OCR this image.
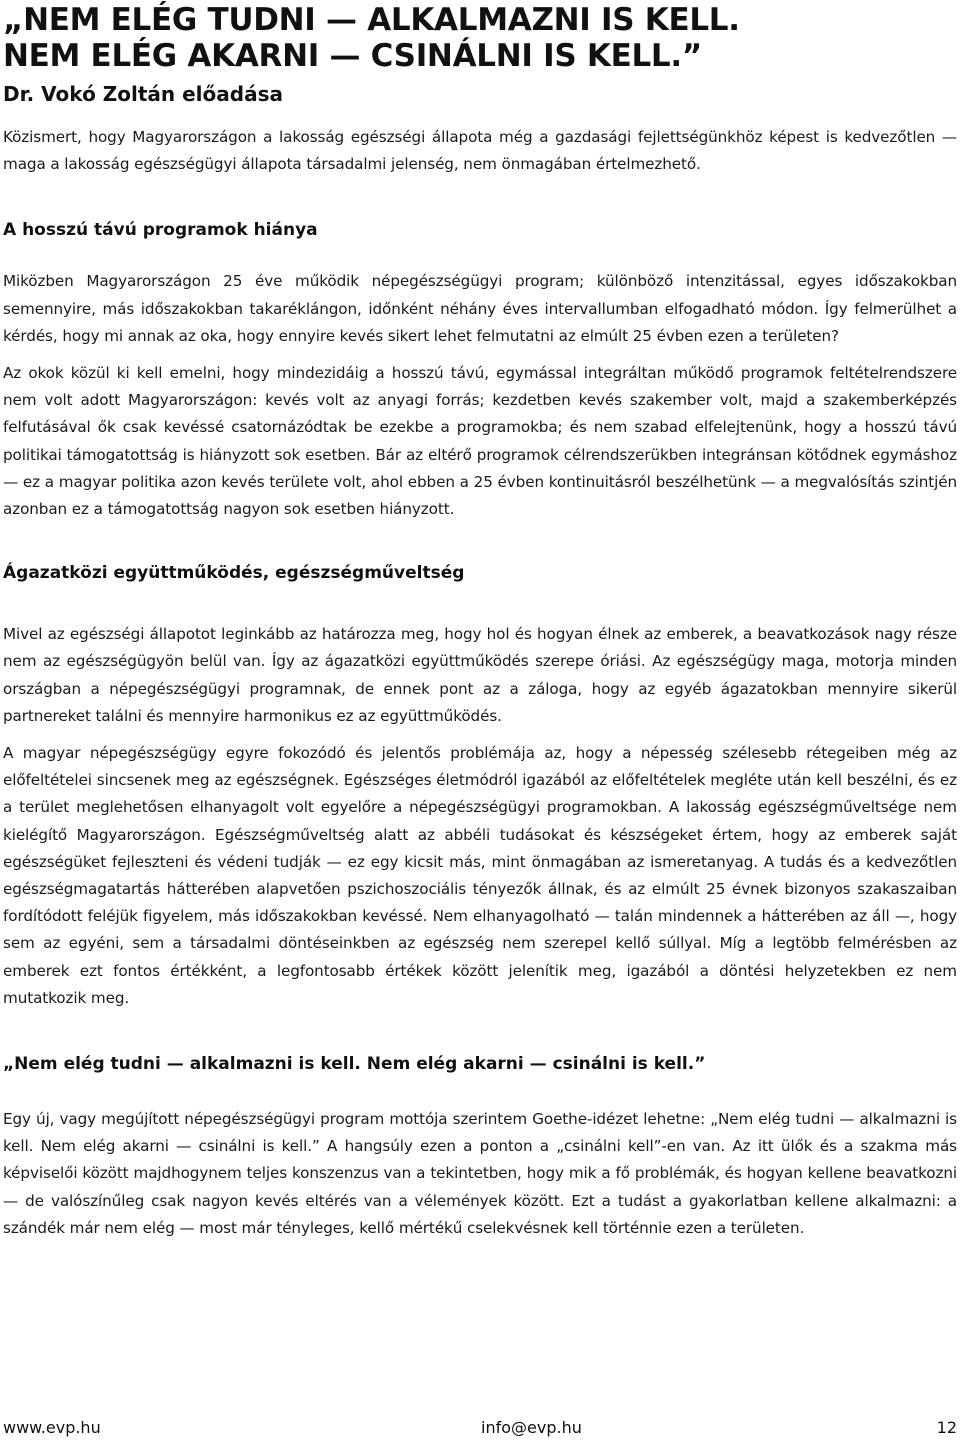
„NEM ELÉG TUDNI — ALKALMAZNI IS KELL.
NEM ELÉG AKARNI — CSINÁLNI IS KELL.”
Dr. Vokó Zoltán előadása

Közismert, hogy Magyarországon a lakosság egészségi állapota még a gazdasági fejlettségünkhöz képest is kedvezőtlen — maga a lakosság egészségügyi állapota társadalmi jelenség, nem önmagában értelmezhető.

A hosszú távú programok hiánya

Miközben Magyarországon 25 éve működik népegészségügyi program; különböző intenzitással, egyes időszakokban semennyire, más időszakokban takaréklángon, időnként néhány éves intervallumban elfogadható módon. Így felmerülhet a kérdés, hogy mi annak az oka, hogy ennyire kevés sikert lehet felmutatni az elmúlt 25 évben ezen a területen?

Az okok közül ki kell emelni, hogy mindezidáig a hosszú távú, egymással integráltan működő programok feltételrendszere nem volt adott Magyarországon: kevés volt az anyagi forrás; kezdetben kevés szakember volt, majd a szakemberképzés felfutásával ők csak kevéssé csatornázódtak be ezekbe a programokba; és nem szabad elfelejtenünk, hogy a hosszú távú politikai támogatottság is hiányzott sok esetben. Bár az eltérő programok célrendszerükben integránsan kötődnek egymáshoz — ez a magyar politika azon kevés területe volt, ahol ebben a 25 évben kontinuitásról beszélhetünk — a megvalósítás szintjén azonban ez a támogatottság nagyon sok esetben hiányzott.

Ágazatközi együttműködés, egészségműveltség

Mivel az egészségi állapotot leginkább az határozza meg, hogy hol és hogyan élnek az emberek, a beavatkozások nagy része nem az egészségügyön belül van. Így az ágazatközi együttműködés szerepe óriási. Az egészségügy maga, motorja minden országban a népegészségügyi programnak, de ennek pont az a záloga, hogy az egyéb ágazatokban mennyire sikerül partnereket találni és mennyire harmonikus ez az együttműködés.

A magyar népegészségügy egyre fokozódó és jelentős problémája az, hogy a népesség szélesebb rétegeiben még az előfeltételei sincsenek meg az egészségnek. Egészséges életmódról igazából az előfeltételek megléte után kell beszélni, és ez a terület meglehetősen elhanyagolt volt egyelőre a népegészségügyi programokban. A lakosság egészségműveltsége nem kielégítő Magyarországon. Egészségműveltség alatt az abbéli tudásokat és készségeket értem, hogy az emberek saját egészségüket fejleszteni és védeni tudják — ez egy kicsit más, mint önmagában az ismeretanyag. A tudás és a kedvezőtlen egészségmagatartás hátterében alapvetően pszichoszociális tényezők állnak, és az elmúlt 25 évnek bizonyos szakaszaiban fordítódott feléjük figyelem, más időszakokban kevéssé. Nem elhanyagolható — talán mindennek a hátterében az áll —, hogy sem az egyéni, sem a társadalmi döntéseinkben az egészség nem szerepel kellő súllyal. Míg a legtöbb felmérésben az emberek ezt fontos értékként, a legfontosabb értékek között jelenítik meg, igazából a döntési helyzetekben ez nem mutatkozik meg.

„Nem elég tudni — alkalmazni is kell. Nem elég akarni — csinálni is kell.”

Egy új, vagy megújított népegészségügyi program mottója szerintem Goethe-idézet lehetne: „Nem elég tudni — alkalmazni is kell. Nem elég akarni — csinálni is kell.” A hangsúly ezen a ponton a „csinálni kell”-en van. Az itt ülők és a szakma más képviselői között majdhogynem teljes konszenzus van a tekintetben, hogy mik a fő problémák, és hogyan kellene beavatkozni — de valószínűleg csak nagyon kevés eltérés van a vélemények között. Ezt a tudást a gyakorlatban kellene alkalmazni: a szándék már nem elég — most már tényleges, kellő mértékű cselekvésnek kell történnie ezen a területen.

www.evp.hu	info@evp.hu	12
